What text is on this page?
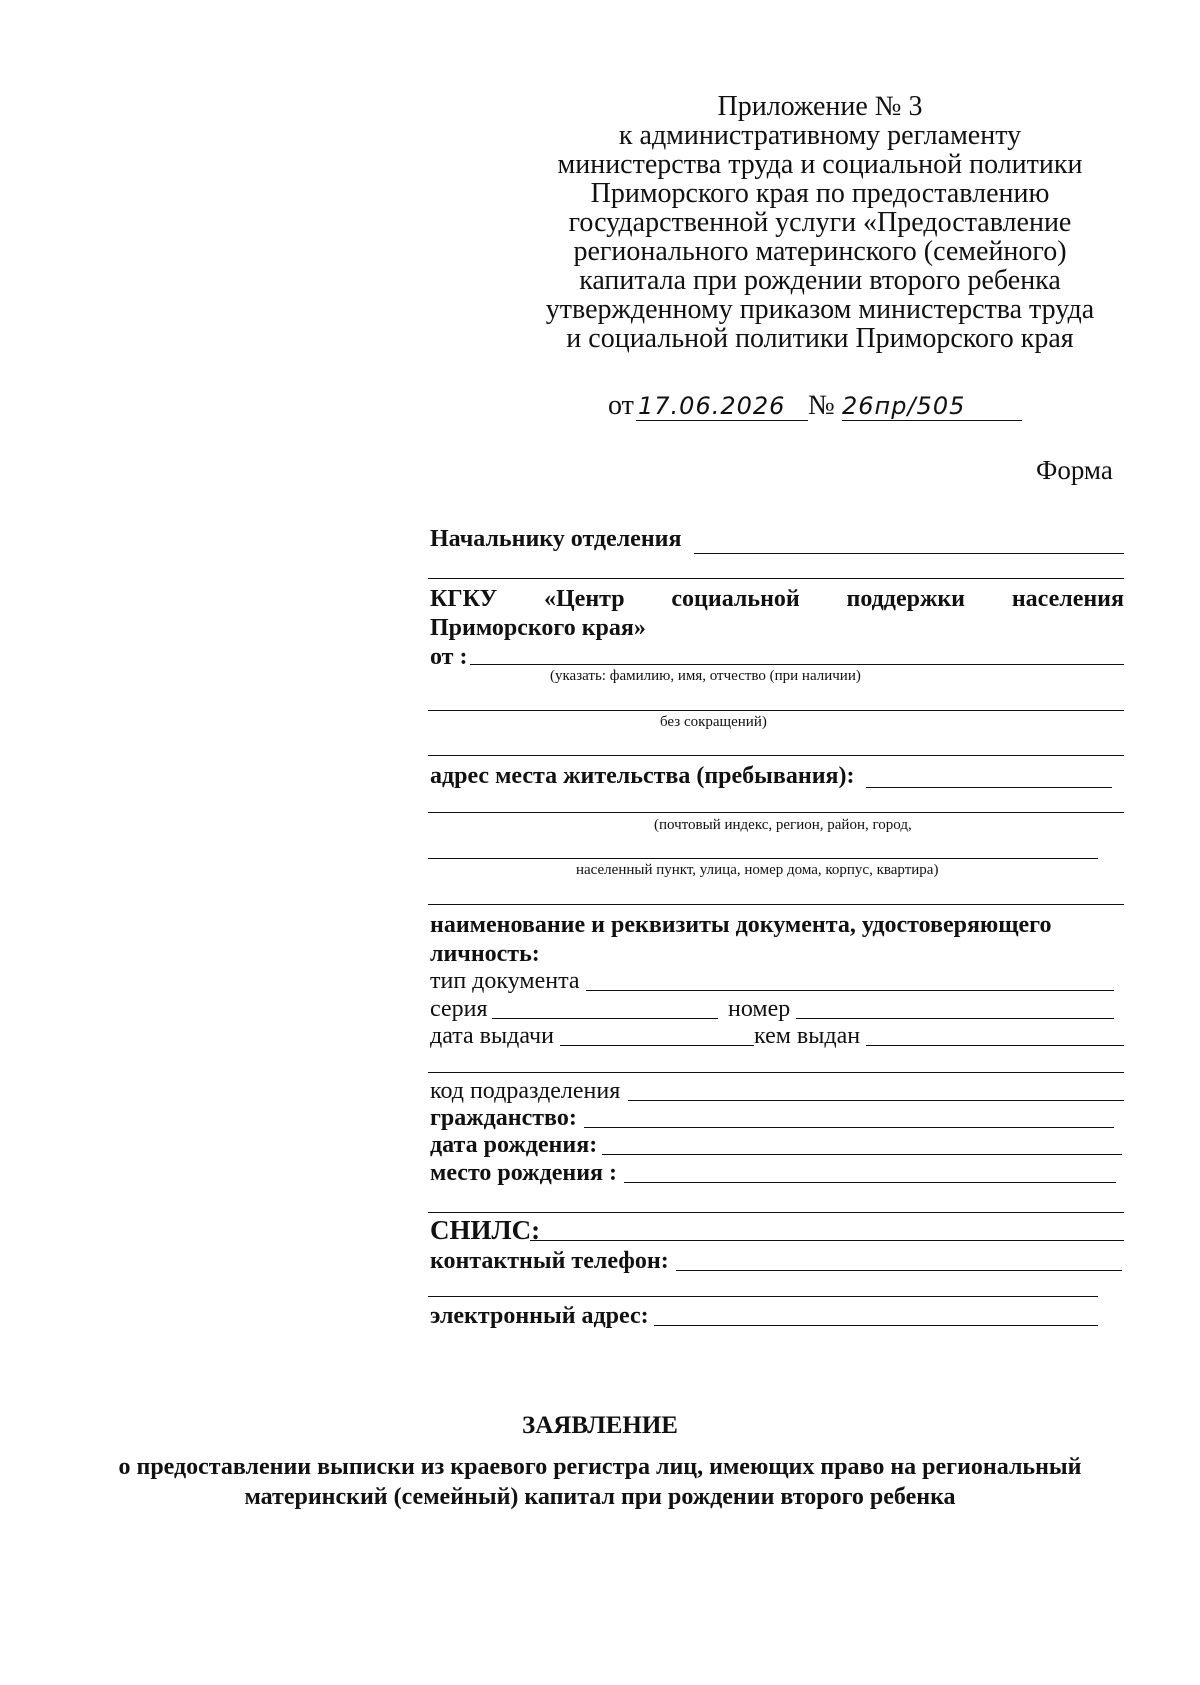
Приложение № 3
к административному регламенту
министерства труда и социальной политики
Приморского края по предоставлению
государственной услуги «Предоставление
регионального материнского (семейного)
капитала при рождении второго ребенка
утвержденному приказом министерства труда
и социальной политики Приморского края
от 17.06.2026 № 26пр/505
Форма
Начальнику отделения
КГКУ «Центр социальной поддержки населения
Приморского края»
от :
(указать: фамилию, имя, отчество (при наличии)
без сокращений)
адрес места жительства (пребывания):
(почтовый индекс, регион, район, город,
населенный пункт, улица, номер дома, корпус, квартира)
наименование и реквизиты документа, удостоверяющего
личность:
тип документа
серия	номер
дата выдачи	кем выдан
код подразделения
гражданство:
дата рождения:
место рождения :
СНИЛС:
контактный телефон:
электронный адрес:
ЗАЯВЛЕНИЕ
о предоставлении выписки из краевого регистра лиц, имеющих право на региональный
материнский (семейный) капитал при рождении второго ребенка
